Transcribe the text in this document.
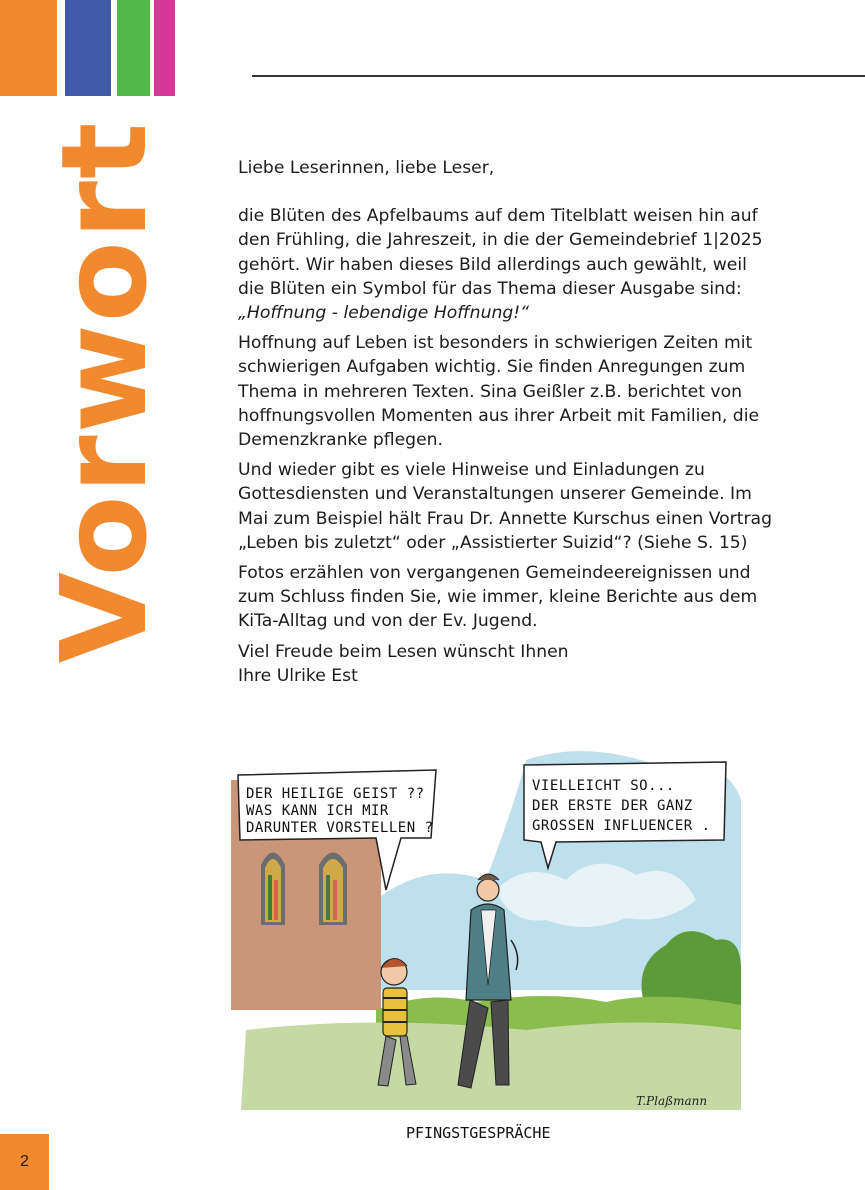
Vorwort	Liebe Leserinnen, liebe Leser,

die Blüten des Apfelbaums auf dem Titelblatt weisen hin auf den Frühling, die Jahreszeit, in die der Gemeindebrief 1|2025 gehört. Wir haben dieses Bild allerdings auch gewählt, weil die Blüten ein Symbol für das Thema dieser Ausgabe sind:
„Hoffnung - lebendige Hoffnung!“

Hoffnung auf Leben ist besonders in schwierigen Zeiten mit schwierigen Aufgaben wichtig. Sie finden Anregungen zum Thema in mehreren Texten. Sina Geißler z.B. berichtet von hoffnungsvollen Momenten aus ihrer Arbeit mit Familien, die Demenzkranke pflegen.

Und wieder gibt es viele Hinweise und Einladungen zu Gottesdiensten und Veranstaltungen unserer Gemeinde. Im Mai zum Beispiel hält Frau Dr. Annette Kurschus einen Vortrag „Leben bis zuletzt“ oder „Assistierter Suizid“? (Siehe S. 15)

Fotos erzählen von vergangenen Gemeindeereignissen und zum Schluss finden Sie, wie immer, kleine Berichte aus dem KiTa-Alltag und von der Ev. Jugend.

Viel Freude beim Lesen wünscht Ihnen
Ihre Ulrike Est

DER HEILIGE GEIST ??
WAS KANN ICH MIR
DARUNTER VORSTELLEN ?
VIELLEICHT SO...
DER ERSTE DER GANZ
GROSSEN INFLUENCER .
T.Plaßmann
PFINGSTGESPRÄCHE
2
